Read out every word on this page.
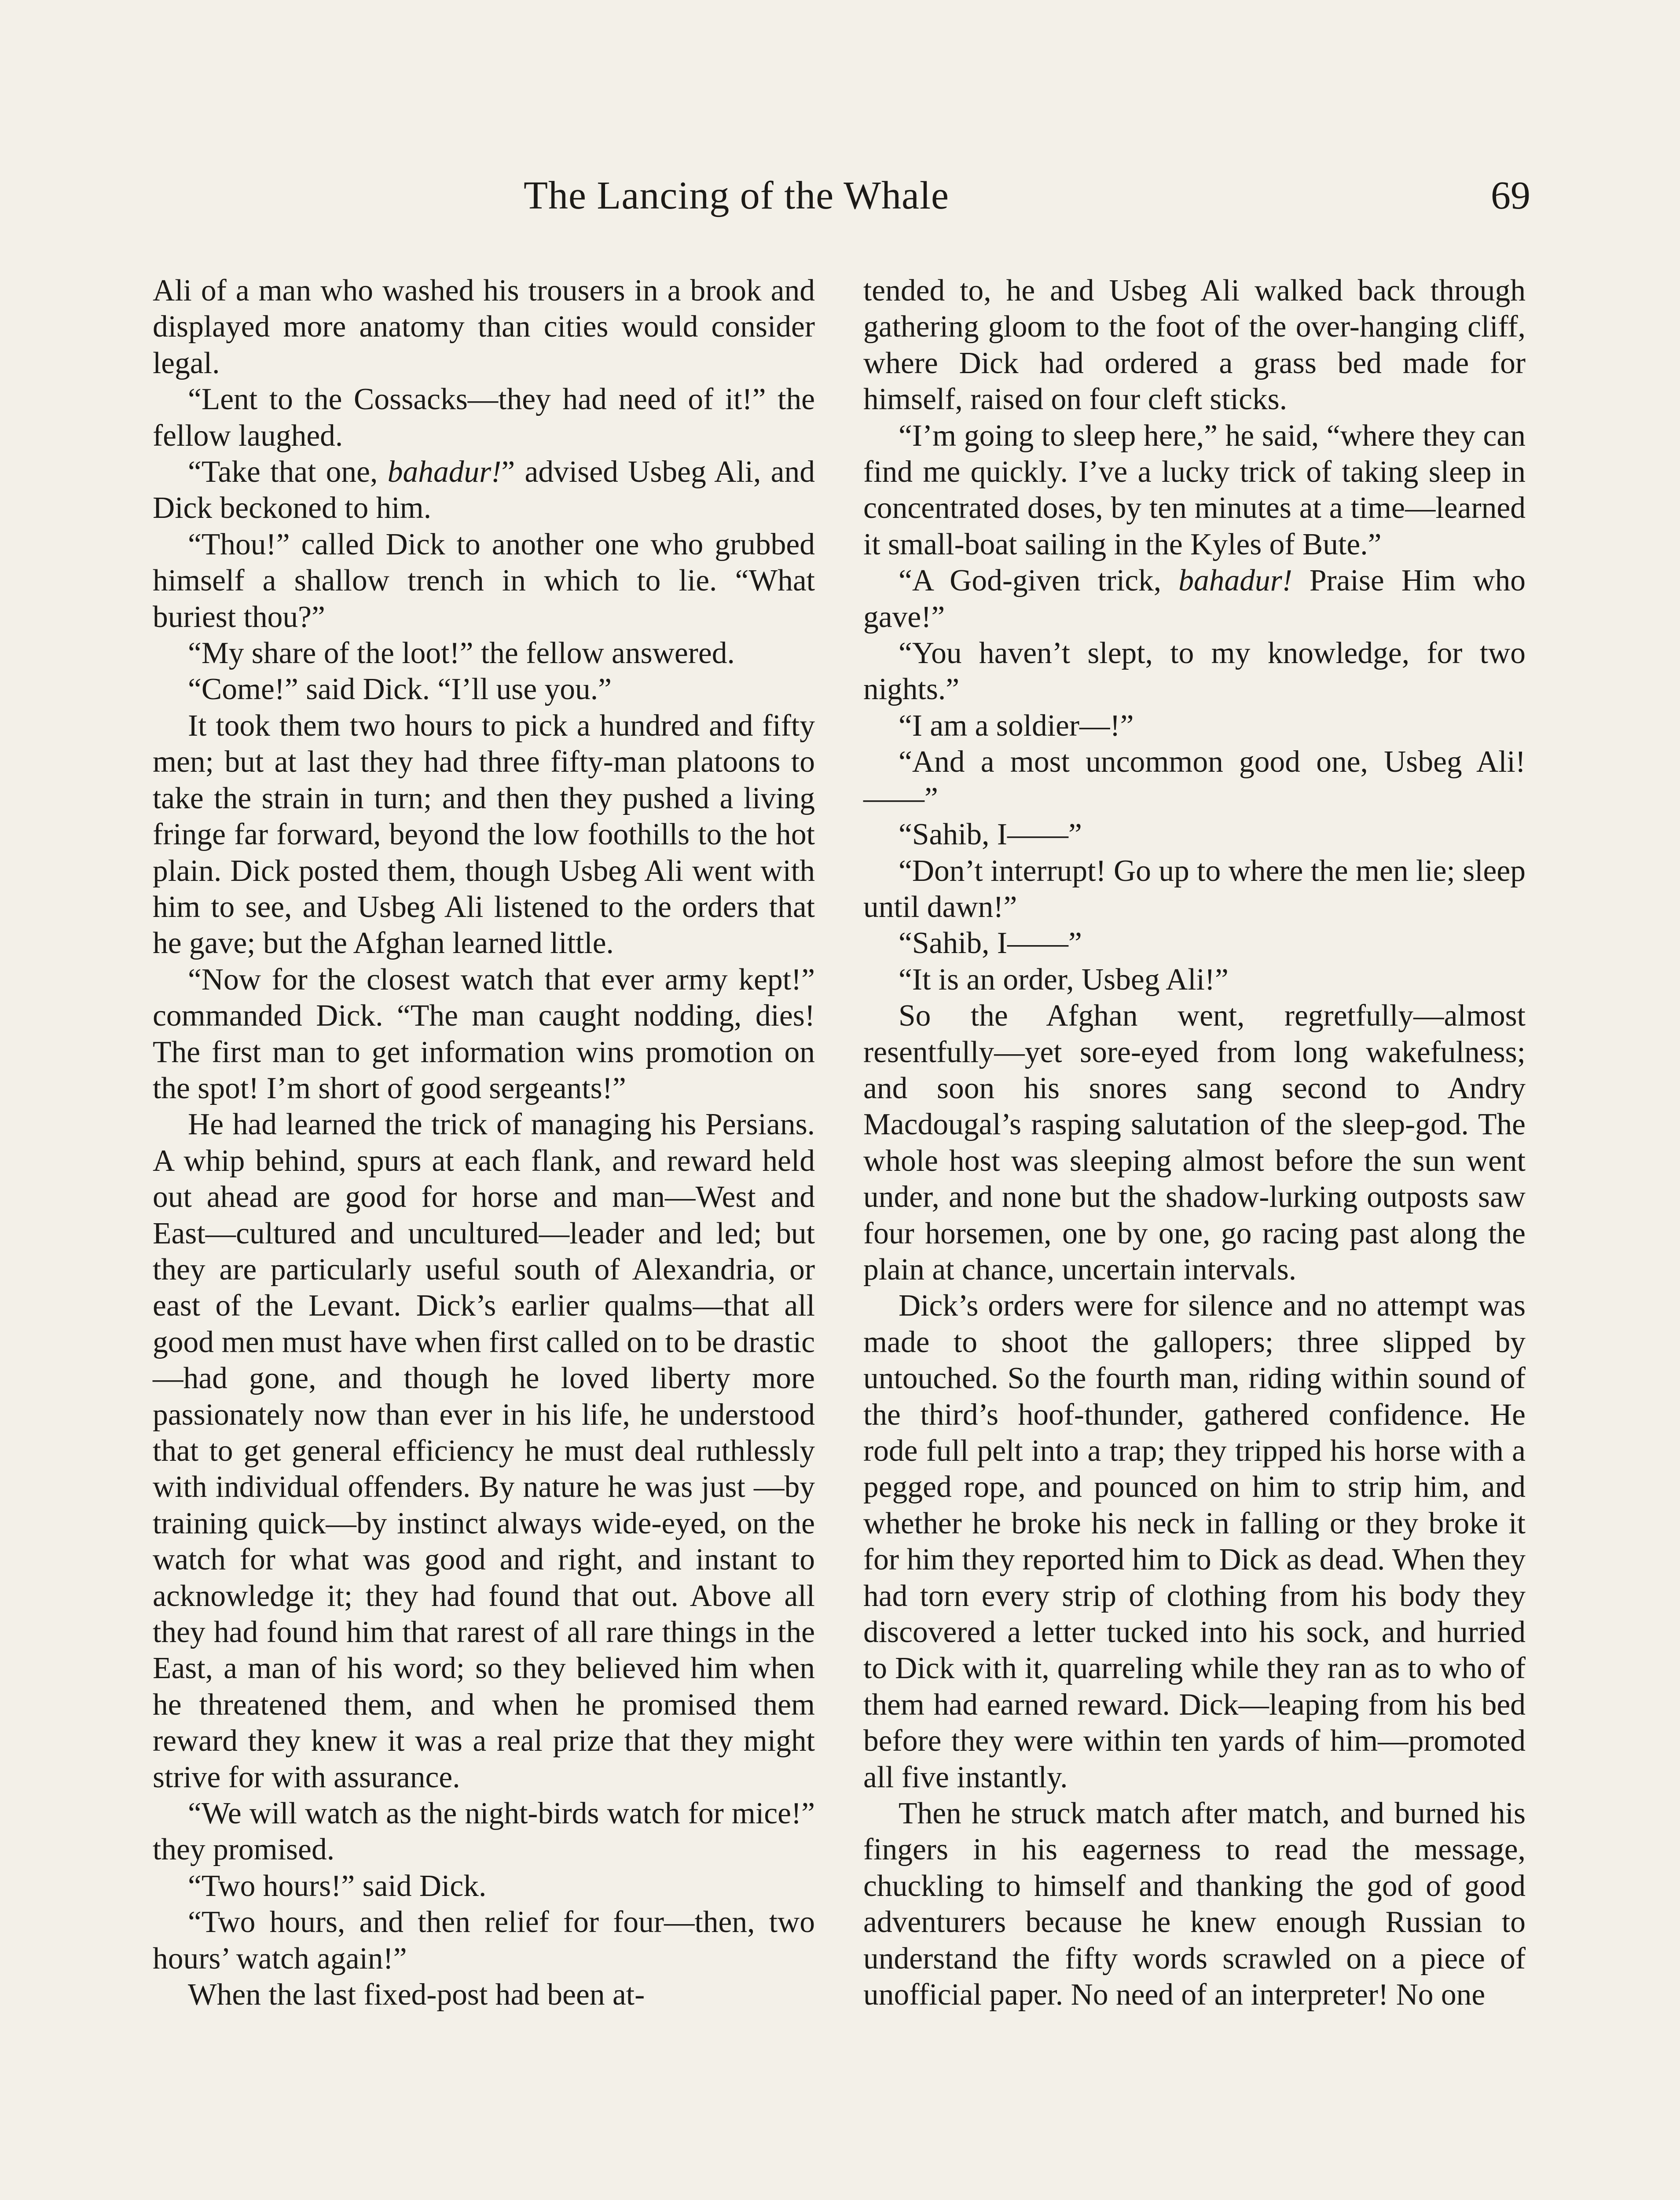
The Lancing of the Whale	69

Ali of a man who washed his trousers in a brook and displayed more anatomy than cities would consider legal.

“Lent to the Cossacks—they had need of it!” the fellow laughed.

“Take that one, bahadur!” advised Usbeg Ali, and Dick beckoned to him.

“Thou!” called Dick to another one who grubbed himself a shallow trench in which to lie. “What buriest thou?”

“My share of the loot!” the fellow answered.

“Come!” said Dick. “I’ll use you.”

It took them two hours to pick a hundred and fifty men; but at last they had three fifty-man platoons to take the strain in turn; and then they pushed a living fringe far forward, beyond the low foothills to the hot plain. Dick posted them, though Usbeg Ali went with him to see, and Usbeg Ali listened to the orders that he gave; but the Afghan learned little.

“Now for the closest watch that ever army kept!” commanded Dick. “The man caught nodding, dies! The first man to get information wins promotion on the spot! I’m short of good sergeants!”

He had learned the trick of managing his Persians. A whip behind, spurs at each flank, and reward held out ahead are good for horse and man—West and East—cultured and uncultured—leader and led; but they are particularly useful south of Alexandria, or east of the Levant. Dick’s earlier qualms—that all good men must have when first called on to be drastic—had gone, and though he loved liberty more passionately now than ever in his life, he understood that to get general efficiency he must deal ruthlessly with individual offenders. By nature he was just —by training quick—by instinct always wide-eyed, on the watch for what was good and right, and instant to acknowledge it; they had found that out. Above all they had found him that rarest of all rare things in the East, a man of his word; so they believed him when he threatened them, and when he promised them reward they knew it was a real prize that they might strive for with assurance.

“We will watch as the night-birds watch for mice!” they promised.

“Two hours!” said Dick.

“Two hours, and then relief for four—then, two hours’ watch again!”

When the last fixed-post had been at-

tended to, he and Usbeg Ali walked back through gathering gloom to the foot of the over-hanging cliff, where Dick had ordered a grass bed made for himself, raised on four cleft sticks.

“I’m going to sleep here,” he said, “where they can find me quickly. I’ve a lucky trick of taking sleep in concentrated doses, by ten minutes at a time—learned it small-boat sailing in the Kyles of Bute.”

“A God-given trick, bahadur! Praise Him who gave!”

“You haven’t slept, to my knowledge, for two nights.”

“I am a soldier—!”

“And a most uncommon good one, Usbeg Ali!——”

“Sahib, I——”

“Don’t interrupt! Go up to where the men lie; sleep until dawn!”

“Sahib, I——”

“It is an order, Usbeg Ali!”

So the Afghan went, regretfully—almost resentfully—yet sore-eyed from long wakefulness; and soon his snores sang second to Andry Macdougal’s rasping salutation of the sleep-god. The whole host was sleeping almost before the sun went under, and none but the shadow-lurking outposts saw four horsemen, one by one, go racing past along the plain at chance, uncertain intervals.

Dick’s orders were for silence and no attempt was made to shoot the gallopers; three slipped by untouched. So the fourth man, riding within sound of the third’s hoof-thunder, gathered confidence. He rode full pelt into a trap; they tripped his horse with a pegged rope, and pounced on him to strip him, and whether he broke his neck in falling or they broke it for him they reported him to Dick as dead. When they had torn every strip of clothing from his body they discovered a letter tucked into his sock, and hurried to Dick with it, quarreling while they ran as to who of them had earned reward. Dick—leaping from his bed before they were within ten yards of him—promoted all five instantly.

Then he struck match after match, and burned his fingers in his eagerness to read the message, chuckling to himself and thanking the god of good adventurers because he knew enough Russian to understand the fifty words scrawled on a piece of unofficial paper. No need of an interpreter! No one
